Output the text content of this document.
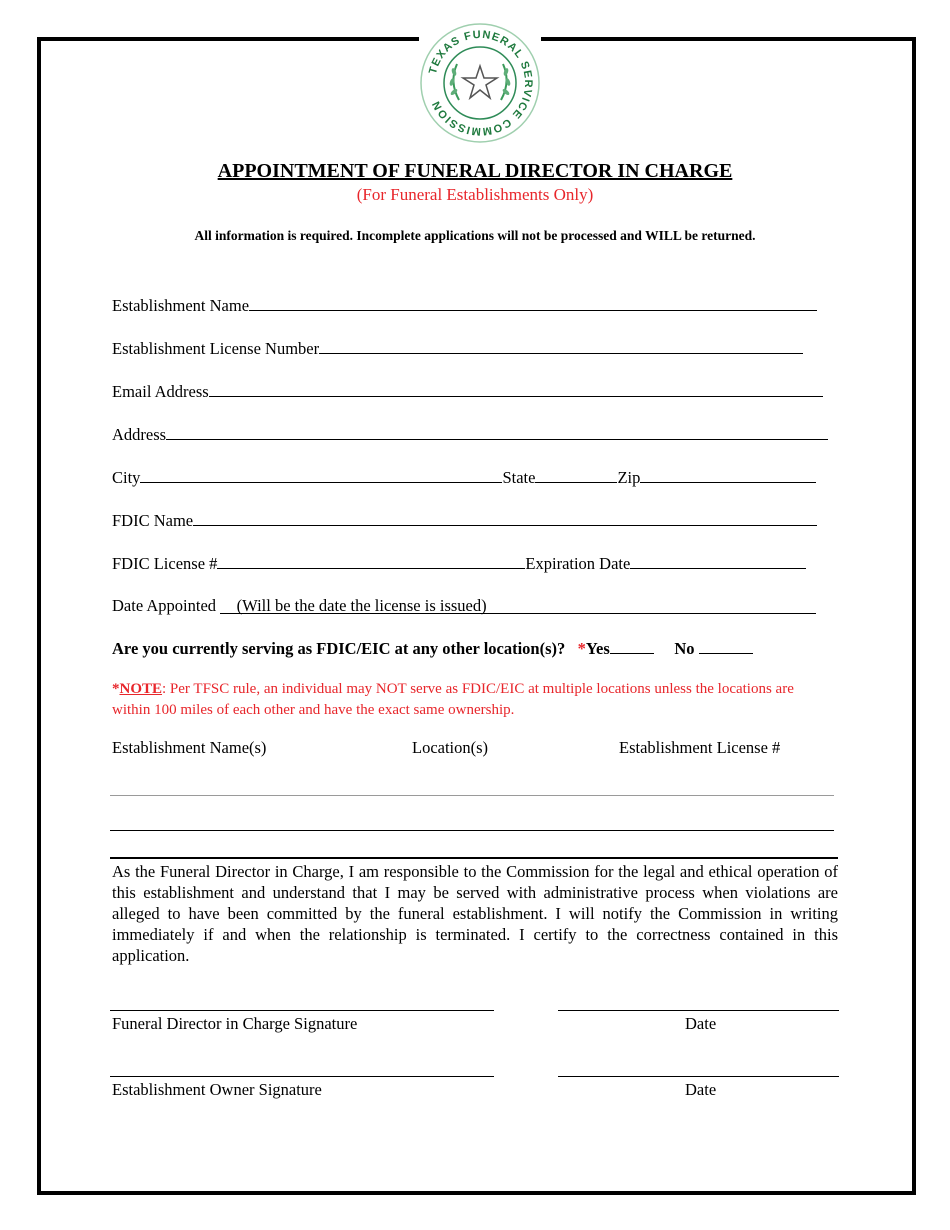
TEXAS FUNERAL SERVICE COMMISSION
APPOINTMENT OF FUNERAL DIRECTOR IN CHARGE
(For Funeral Establishments Only)
All information is required. Incomplete applications will not be processed and WILL be returned.
Establishment Name
Establishment License Number
Email Address
Address
City	State	Zip
FDIC Name
FDIC License #	Expiration Date
Date Appointed (Will be the date the license is issued)
Are you currently serving as FDIC/EIC at any other location(s)? *Yes	No
*NOTE: Per TFSC rule, an individual may NOT serve as FDIC/EIC at multiple locations unless the locations are within 100 miles of each other and have the exact same ownership.
Establishment Name(s)	Location(s)	Establishment License #
As the Funeral Director in Charge, I am responsible to the Commission for the legal and ethical operation of this establishment and understand that I may be served with administrative process when violations are alleged to have been committed by the funeral establishment. I will notify the Commission in writing immediately if and when the relationship is terminated. I certify to the correctness contained in this application.
Funeral Director in Charge Signature	Date
Establishment Owner Signature	Date
